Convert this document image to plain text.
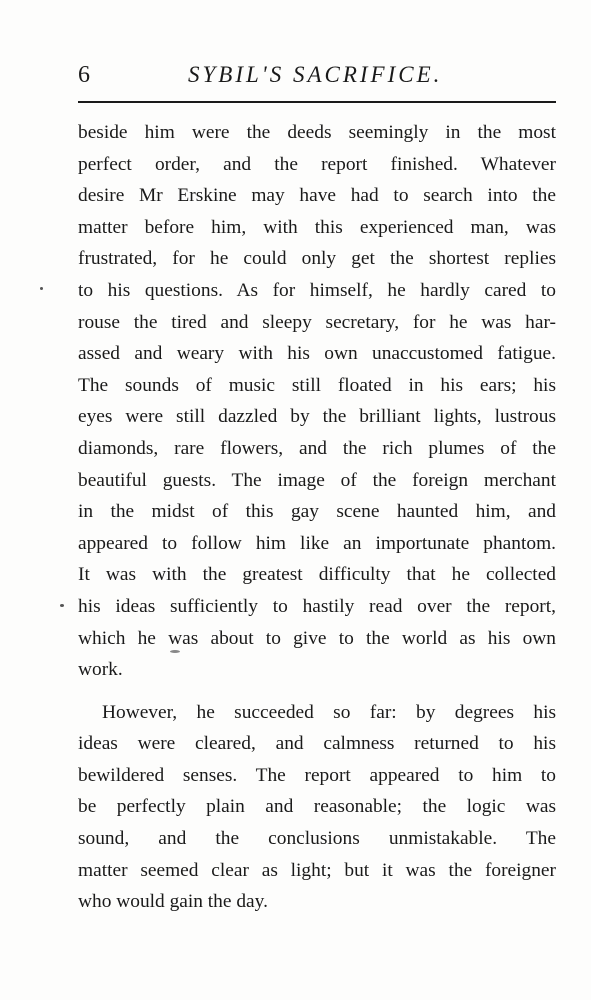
6	SYBIL'S SACRIFICE.
beside him were the deeds seemingly in the most
perfect order, and the report finished. Whatever
desire Mr Erskine may have had to search into the
matter before him, with this experienced man, was
frustrated, for he could only get the shortest replies
to his questions. As for himself, he hardly cared to
rouse the tired and sleepy secretary, for he was har-
assed and weary with his own unaccustomed fatigue.
The sounds of music still floated in his ears; his
eyes were still dazzled by the brilliant lights, lustrous
diamonds, rare flowers, and the rich plumes of the
beautiful guests. The image of the foreign merchant
in the midst of this gay scene haunted him, and
appeared to follow him like an importunate phantom.
It was with the greatest difficulty that he collected
his ideas sufficiently to hastily read over the report,
which he was about to give to the world as his own
work.
However, he succeeded so far: by degrees his
ideas were cleared, and calmness returned to his
bewildered senses. The report appeared to him to
be perfectly plain and reasonable; the logic was
sound, and the conclusions unmistakable. The
matter seemed clear as light; but it was the foreigner
who would gain the day.
